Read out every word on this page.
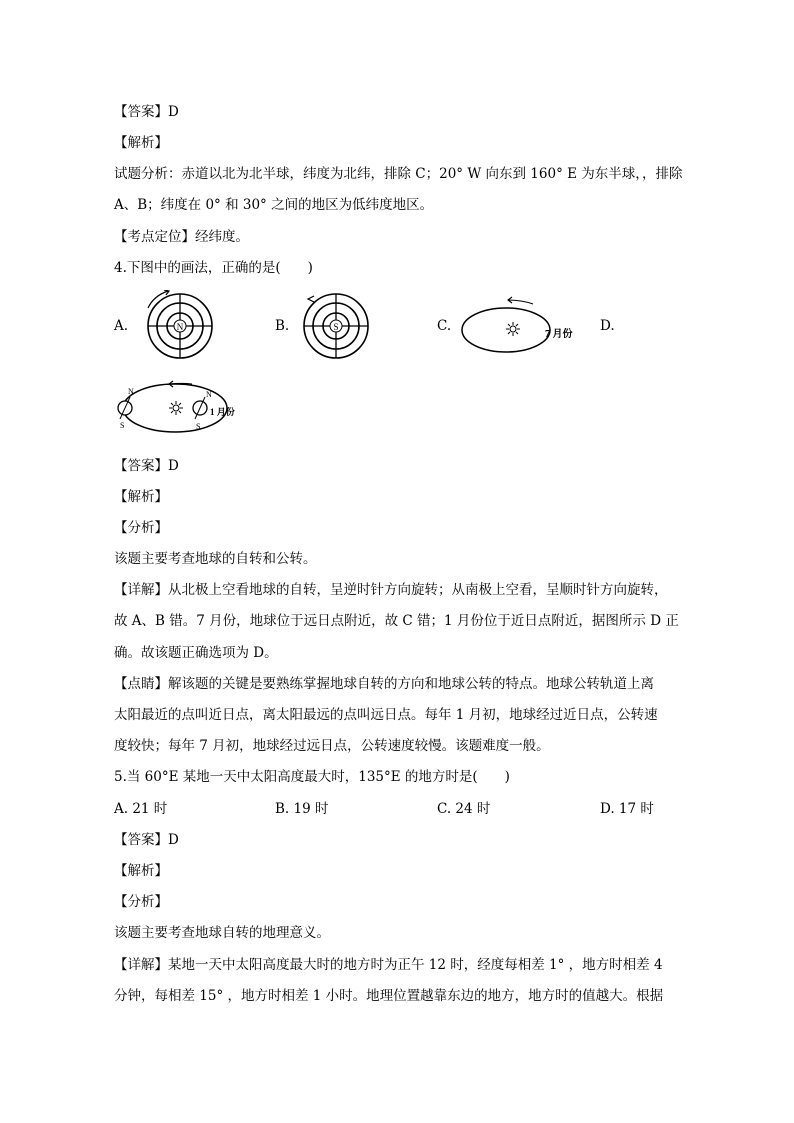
【答案】D
【解析】
试题分析：赤道以北为北半球，纬度为北纬，排除 C；20° W 向东到 160° E 为东半球，，排除
A、B；纬度在 0° 和 30° 之间的地区为低纬度地区。
【考点定位】经纬度。
4.下图中的画法，正确的是(　　)
A.	B.	C.	D.
N	S
7 月份
N
S
N
S
1 月份
【答案】D
【解析】
【分析】
该题主要考查地球的自转和公转。
【详解】从北极上空看地球的自转，呈逆时针方向旋转；从南极上空看，呈顺时针方向旋转，
故 A、B 错。7 月份，地球位于远日点附近，故 C 错；1 月份位于近日点附近，据图所示 D 正
确。故该题正确选项为 D。
【点睛】解该题的关键是要熟练掌握地球自转的方向和地球公转的特点。地球公转轨道上离
太阳最近的点叫近日点，离太阳最远的点叫远日点。每年 1 月初，地球经过近日点，公转速
度较快；每年 7 月初，地球经过远日点，公转速度较慢。该题难度一般。
5.当 60°E 某地一天中太阳高度最大时，135°E 的地方时是(　　)
A. 21 时	B. 19 时	C. 24 时	D. 17 时
【答案】D
【解析】
【分析】
该题主要考查地球自转的地理意义。
【详解】某地一天中太阳高度最大时的地方时为正午 12 时，经度每相差 1° ，地方时相差 4
分钟，每相差 15° ，地方时相差 1 小时。地理位置越靠东边的地方，地方时的值越大。根据
